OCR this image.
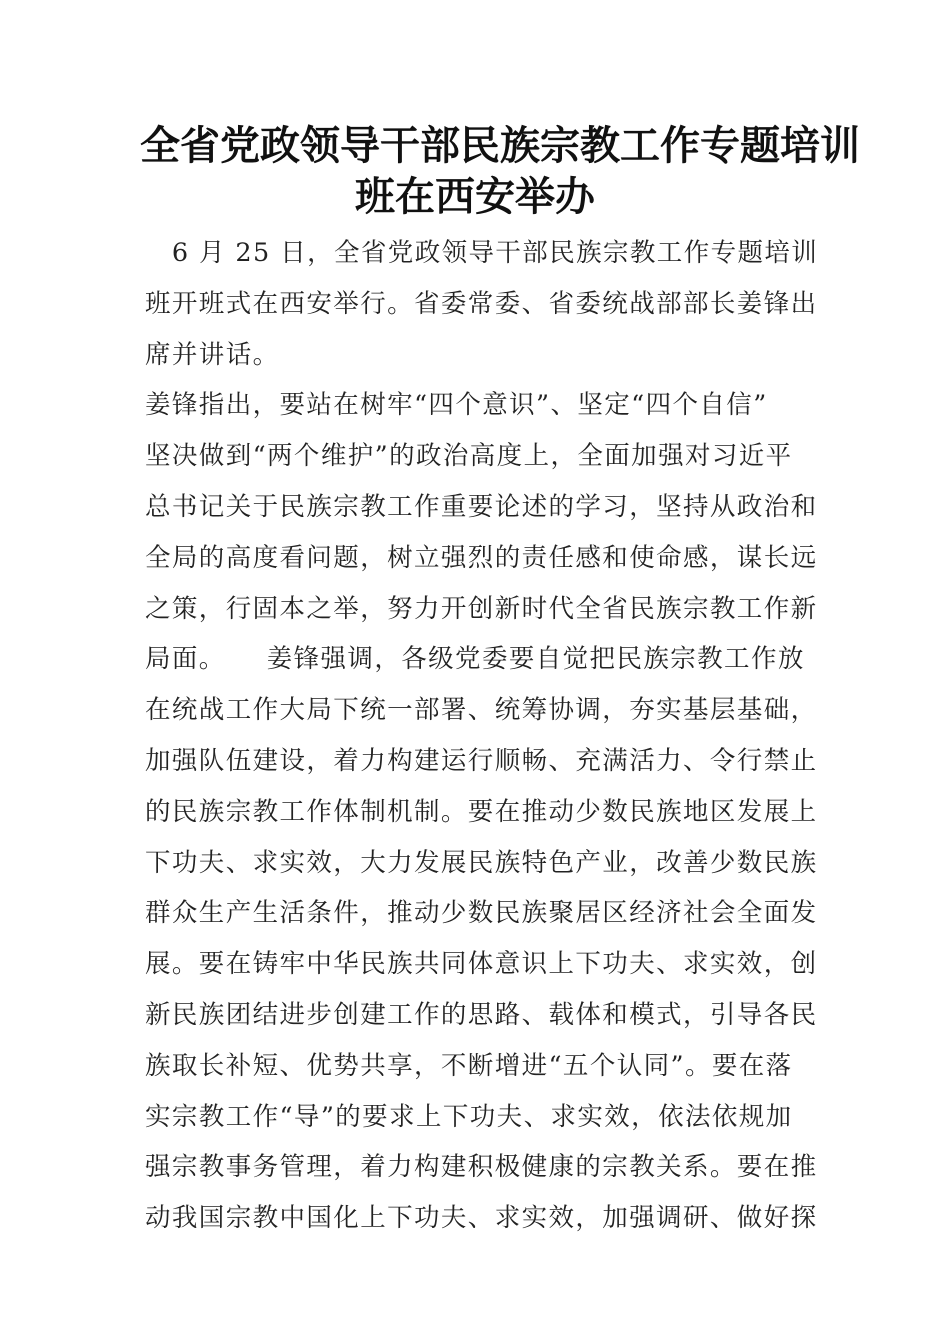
全省党政领导干部民族宗教工作专题培训
班在西安举办
　6 月 25 日，全省党政领导干部民族宗教工作专题培训
班开班式在西安举行。省委常委、省委统战部部长姜锋出
席并讲话。
姜锋指出，要站在树牢“四个意识”、坚定“四个自信”
坚决做到“两个维护”的政治高度上，全面加强对习近平
总书记关于民族宗教工作重要论述的学习，坚持从政治和
全局的高度看问题，树立强烈的责任感和使命感，谋长远
之策，行固本之举，努力开创新时代全省民族宗教工作新
局面。　　姜锋强调，各级党委要自觉把民族宗教工作放
在统战工作大局下统一部署、统筹协调，夯实基层基础，
加强队伍建设，着力构建运行顺畅、充满活力、令行禁止
的民族宗教工作体制机制。要在推动少数民族地区发展上
下功夫、求实效，大力发展民族特色产业，改善少数民族
群众生产生活条件，推动少数民族聚居区经济社会全面发
展。要在铸牢中华民族共同体意识上下功夫、求实效，创
新民族团结进步创建工作的思路、载体和模式，引导各民
族取长补短、优势共享，不断增进“五个认同”。要在落
实宗教工作“导”的要求上下功夫、求实效，依法依规加
强宗教事务管理，着力构建积极健康的宗教关系。要在推
动我国宗教中国化上下功夫、求实效，加强调研、做好探
